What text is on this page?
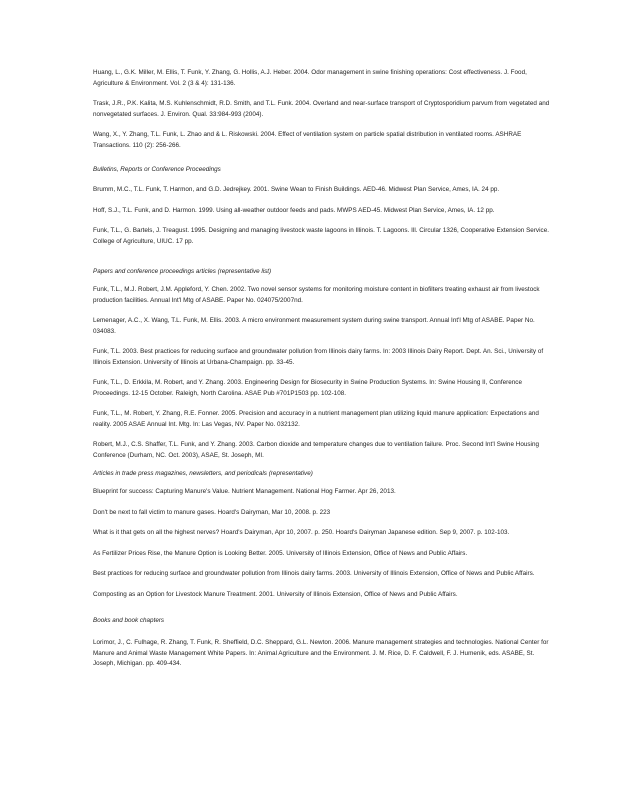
Huang, L., G.K. Miller, M. Ellis, T. Funk, Y. Zhang, G. Hollis, A.J. Heber. 2004. Odor management in swine finishing operations: Cost effectiveness. J. Food, Agriculture & Environment. Vol. 2 (3 & 4): 131-136.

Trask, J.R., P.K. Kalita, M.S. Kuhlenschmidt, R.D. Smith, and T.L. Funk. 2004. Overland and near-surface transport of Cryptosporidium parvum from vegetated and nonvegetated surfaces. J. Environ. Qual. 33:984-993 (2004).

Wang, X., Y. Zhang, T.L. Funk, L. Zhao and & L. Riskowski. 2004. Effect of ventilation system on particle spatial distribution in ventilated rooms. ASHRAE Transactions. 110 (2): 256-266.

Bulletins, Reports or Conference Proceedings

Brumm, M.C., T.L. Funk, T. Harmon, and G.D. Jedrejkey. 2001. Swine Wean to Finish Buildings. AED-46. Midwest Plan Service, Ames, IA. 24 pp.

Hoff, S.J., T.L. Funk, and D. Harmon. 1999. Using all-weather outdoor feeds and pads. MWPS AED-45. Midwest Plan Service, Ames, IA. 12 pp.

Funk, T.L., G. Bartels, J. Treagust. 1995. Designing and managing livestock waste lagoons in Illinois. T. Lagoons. Ill. Circular 1326, Cooperative Extension Service. College of Agriculture, UIUC. 17 pp.

Papers and conference proceedings articles (representative list)

Funk, T.L., M.J. Robert, J.M. Appleford, Y. Chen. 2002. Two novel sensor systems for monitoring moisture content in biofilters treating exhaust air from livestock production facilities. Annual Int'l Mtg of ASABE. Paper No. 024075/2007nd.

Lemenager, A.C., X. Wang, T.L. Funk, M. Ellis. 2003. A micro environment measurement system during swine transport. Annual Int'l Mtg of ASABE. Paper No. 034083.

Funk, T.L. 2003. Best practices for reducing surface and groundwater pollution from Illinois dairy farms. In: 2003 Illinois Dairy Report. Dept. An. Sci., University of Illinois Extension. University of Illinois at Urbana-Champaign. pp. 33-45.

Funk, T.L., D. Erkkila, M. Robert, and Y. Zhang. 2003. Engineering Design for Biosecurity in Swine Production Systems. In: Swine Housing II, Conference Proceedings. 12-15 October. Raleigh, North Carolina. ASAE Pub #701P1503 pp. 102-108.

Funk, T.L., M. Robert, Y. Zhang, R.E. Fonner. 2005. Precision and accuracy in a nutrient management plan utilizing liquid manure application: Expectations and reality. 2005 ASAE Annual Int. Mtg. In: Las Vegas, NV. Paper No. 032132.

Robert, M.J., C.S. Shaffer, T.L. Funk, and Y. Zhang. 2003. Carbon dioxide and temperature changes due to ventilation failure. Proc. Second Int'l Swine Housing Conference (Durham, NC. Oct. 2003), ASAE, St. Joseph, MI.

Articles in trade press magazines, newsletters, and periodicals (representative)

Blueprint for success: Capturing Manure's Value. Nutrient Management. National Hog Farmer. Apr 26, 2013.

Don't be next to fall victim to manure gases. Hoard's Dairyman, Mar 10, 2008. p. 223

What is it that gets on all the highest nerves? Hoard's Dairyman, Apr 10, 2007. p. 250. Hoard's Dairyman Japanese edition. Sep 9, 2007. p. 102-103.

As Fertilizer Prices Rise, the Manure Option is Looking Better. 2005. University of Illinois Extension, Office of News and Public Affairs.

Best practices for reducing surface and groundwater pollution from Illinois dairy farms. 2003. University of Illinois Extension, Office of News and Public Affairs.

Composting as an Option for Livestock Manure Treatment. 2001. University of Illinois Extension, Office of News and Public Affairs.

Books and book chapters

Lorimor, J., C. Fulhage, R. Zhang, T. Funk, R. Sheffield, D.C. Sheppard, G.L. Newton. 2006. Manure management strategies and technologies. National Center for Manure and Animal Waste Management White Papers. In: Animal Agriculture and the Environment. J. M. Rice, D. F. Caldwell, F. J. Humenik, eds. ASABE, St. Joseph, Michigan. pp. 409-434.
